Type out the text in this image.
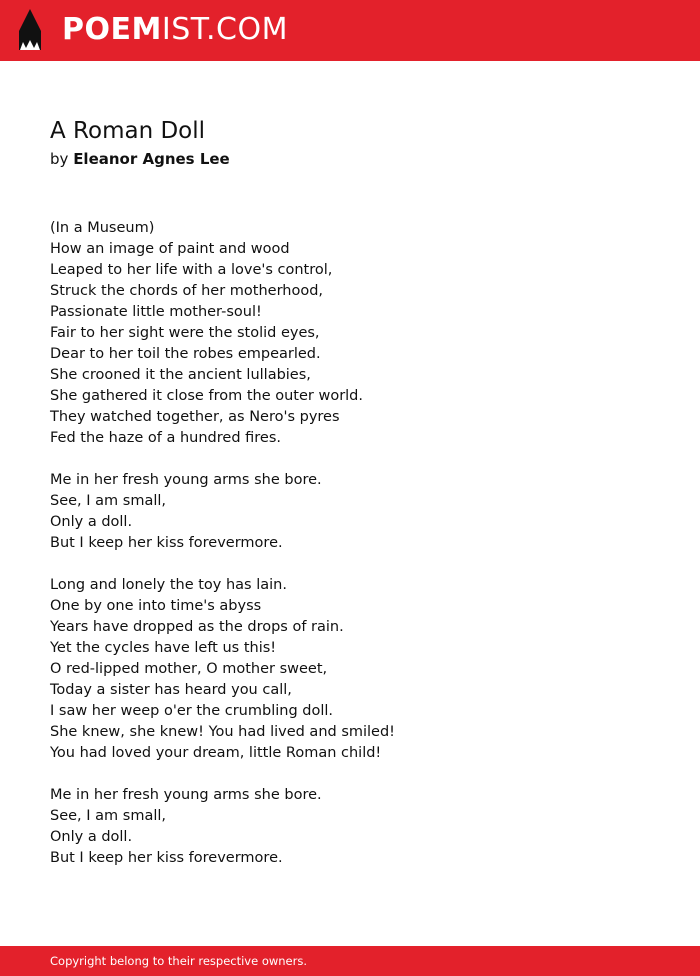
POEMIST.COM
A Roman Doll
by Eleanor Agnes Lee
(In a Museum)
How an image of paint and wood
Leaped to her life with a love's control,
Struck the chords of her motherhood,
Passionate little mother-soul!
Fair to her sight were the stolid eyes,
Dear to her toil the robes empearled.
She crooned it the ancient lullabies,
She gathered it close from the outer world.
They watched together, as Nero's pyres
Fed the haze of a hundred fires.
Me in her fresh young arms she bore.
See, I am small,
Only a doll.
But I keep her kiss forevermore.
Long and lonely the toy has lain.
One by one into time's abyss
Years have dropped as the drops of rain.
Yet the cycles have left us this!
O red-lipped mother, O mother sweet,
Today a sister has heard you call,
I saw her weep o'er the crumbling doll.
She knew, she knew! You had lived and smiled!
You had loved your dream, little Roman child!
Me in her fresh young arms she bore.
See, I am small,
Only a doll.
But I keep her kiss forevermore.
Copyright belong to their respective owners.
